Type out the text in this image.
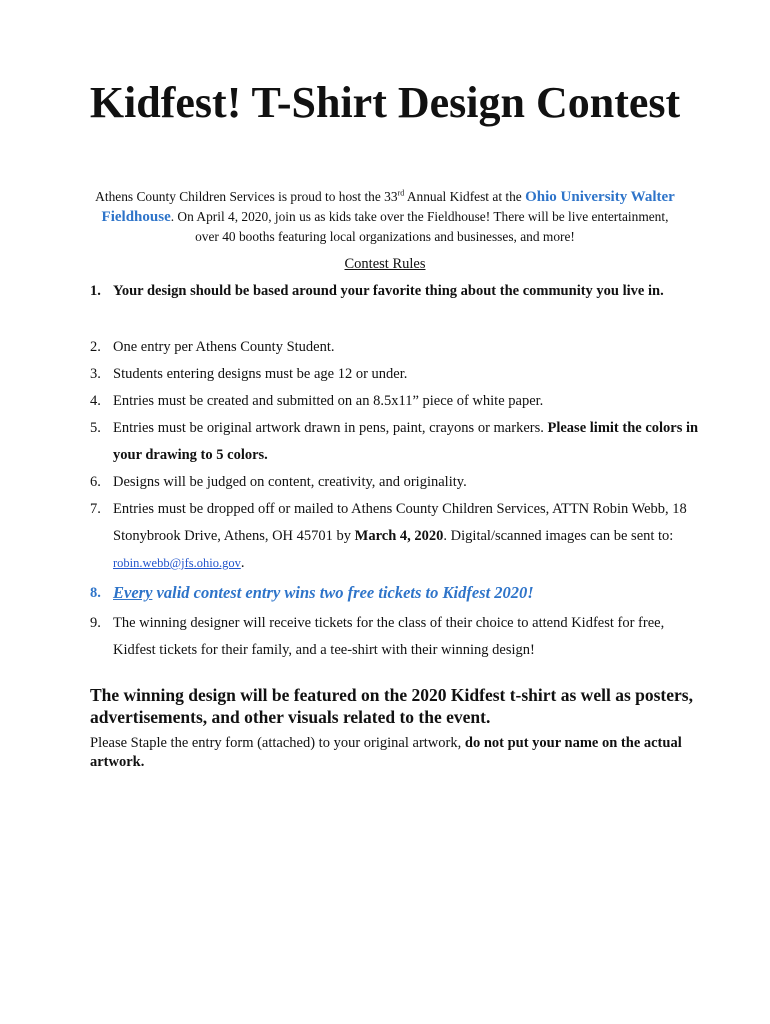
Kidfest! T-Shirt Design Contest

Athens County Children Services is proud to host the 33rd Annual Kidfest at the Ohio University Walter Fieldhouse. On April 4, 2020, join us as kids take over the Fieldhouse! There will be live entertainment, over 40 booths featuring local organizations and businesses, and more!

Contest Rules

1. Your design should be based around your favorite thing about the community you live in.
2. One entry per Athens County Student.
3. Students entering designs must be age 12 or under.
4. Entries must be created and submitted on an 8.5x11” piece of white paper.
5. Entries must be original artwork drawn in pens, paint, crayons or markers. Please limit the colors in your drawing to 5 colors.
6. Designs will be judged on content, creativity, and originality.
7. Entries must be dropped off or mailed to Athens County Children Services, ATTN Robin Webb, 18 Stonybrook Drive, Athens, OH 45701 by March 4, 2020. Digital/scanned images can be sent to: robin.webb@jfs.ohio.gov.
8. Every valid contest entry wins two free tickets to Kidfest 2020!
9. The winning designer will receive tickets for the class of their choice to attend Kidfest for free, Kidfest tickets for their family, and a tee-shirt with their winning design!

The winning design will be featured on the 2020 Kidfest t-shirt as well as posters, advertisements, and other visuals related to the event.

Please Staple the entry form (attached) to your original artwork, do not put your name on the actual artwork.
